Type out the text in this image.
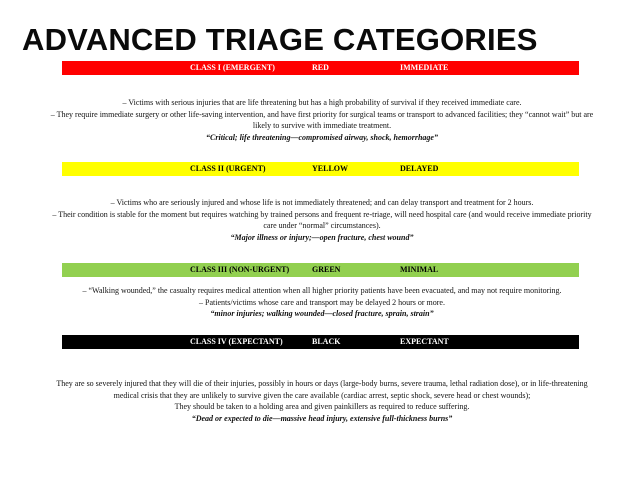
ADVANCED TRIAGE CATEGORIES
CLASS I (EMERGENT)	RED	IMMEDIATE

– Victims with serious injuries that are life threatening but has a high probability of survival if they received immediate care.

– They require immediate surgery or other life-saving intervention, and have first priority for surgical teams or transport to advanced facilities; they “cannot wait” but are likely to survive with immediate treatment.

“Critical; life threatening—compromised airway, shock, hemorrhage”

CLASS II (URGENT)	YELLOW	DELAYED

– Victims who are seriously injured and whose life is not immediately threatened; and can delay transport and treatment for 2 hours.

– Their condition is stable for the moment but requires watching by trained persons and frequent re-triage, will need hospital care (and would receive immediate priority care under “normal” circumstances).

“Major illness or injury;—open fracture, chest wound”

CLASS III (NON-URGENT)	GREEN	MINIMAL

– “Walking wounded,” the casualty requires medical attention when all higher priority patients have been evacuated, and may not require monitoring.

– Patients/victims whose care and transport may be delayed 2 hours or more.

“minor injuries; walking wounded—closed fracture, sprain, strain”

CLASS IV (EXPECTANT)	BLACK	EXPECTANT

They are so severely injured that they will die of their injuries, possibly in hours or days (large-body burns, severe trauma, lethal radiation dose), or in life-threatening medical crisis that they are unlikely to survive given the care available (cardiac arrest, septic shock, severe head or chest wounds);

They should be taken to a holding area and given painkillers as required to reduce suffering.

“Dead or expected to die—massive head injury, extensive full-thickness burns”
